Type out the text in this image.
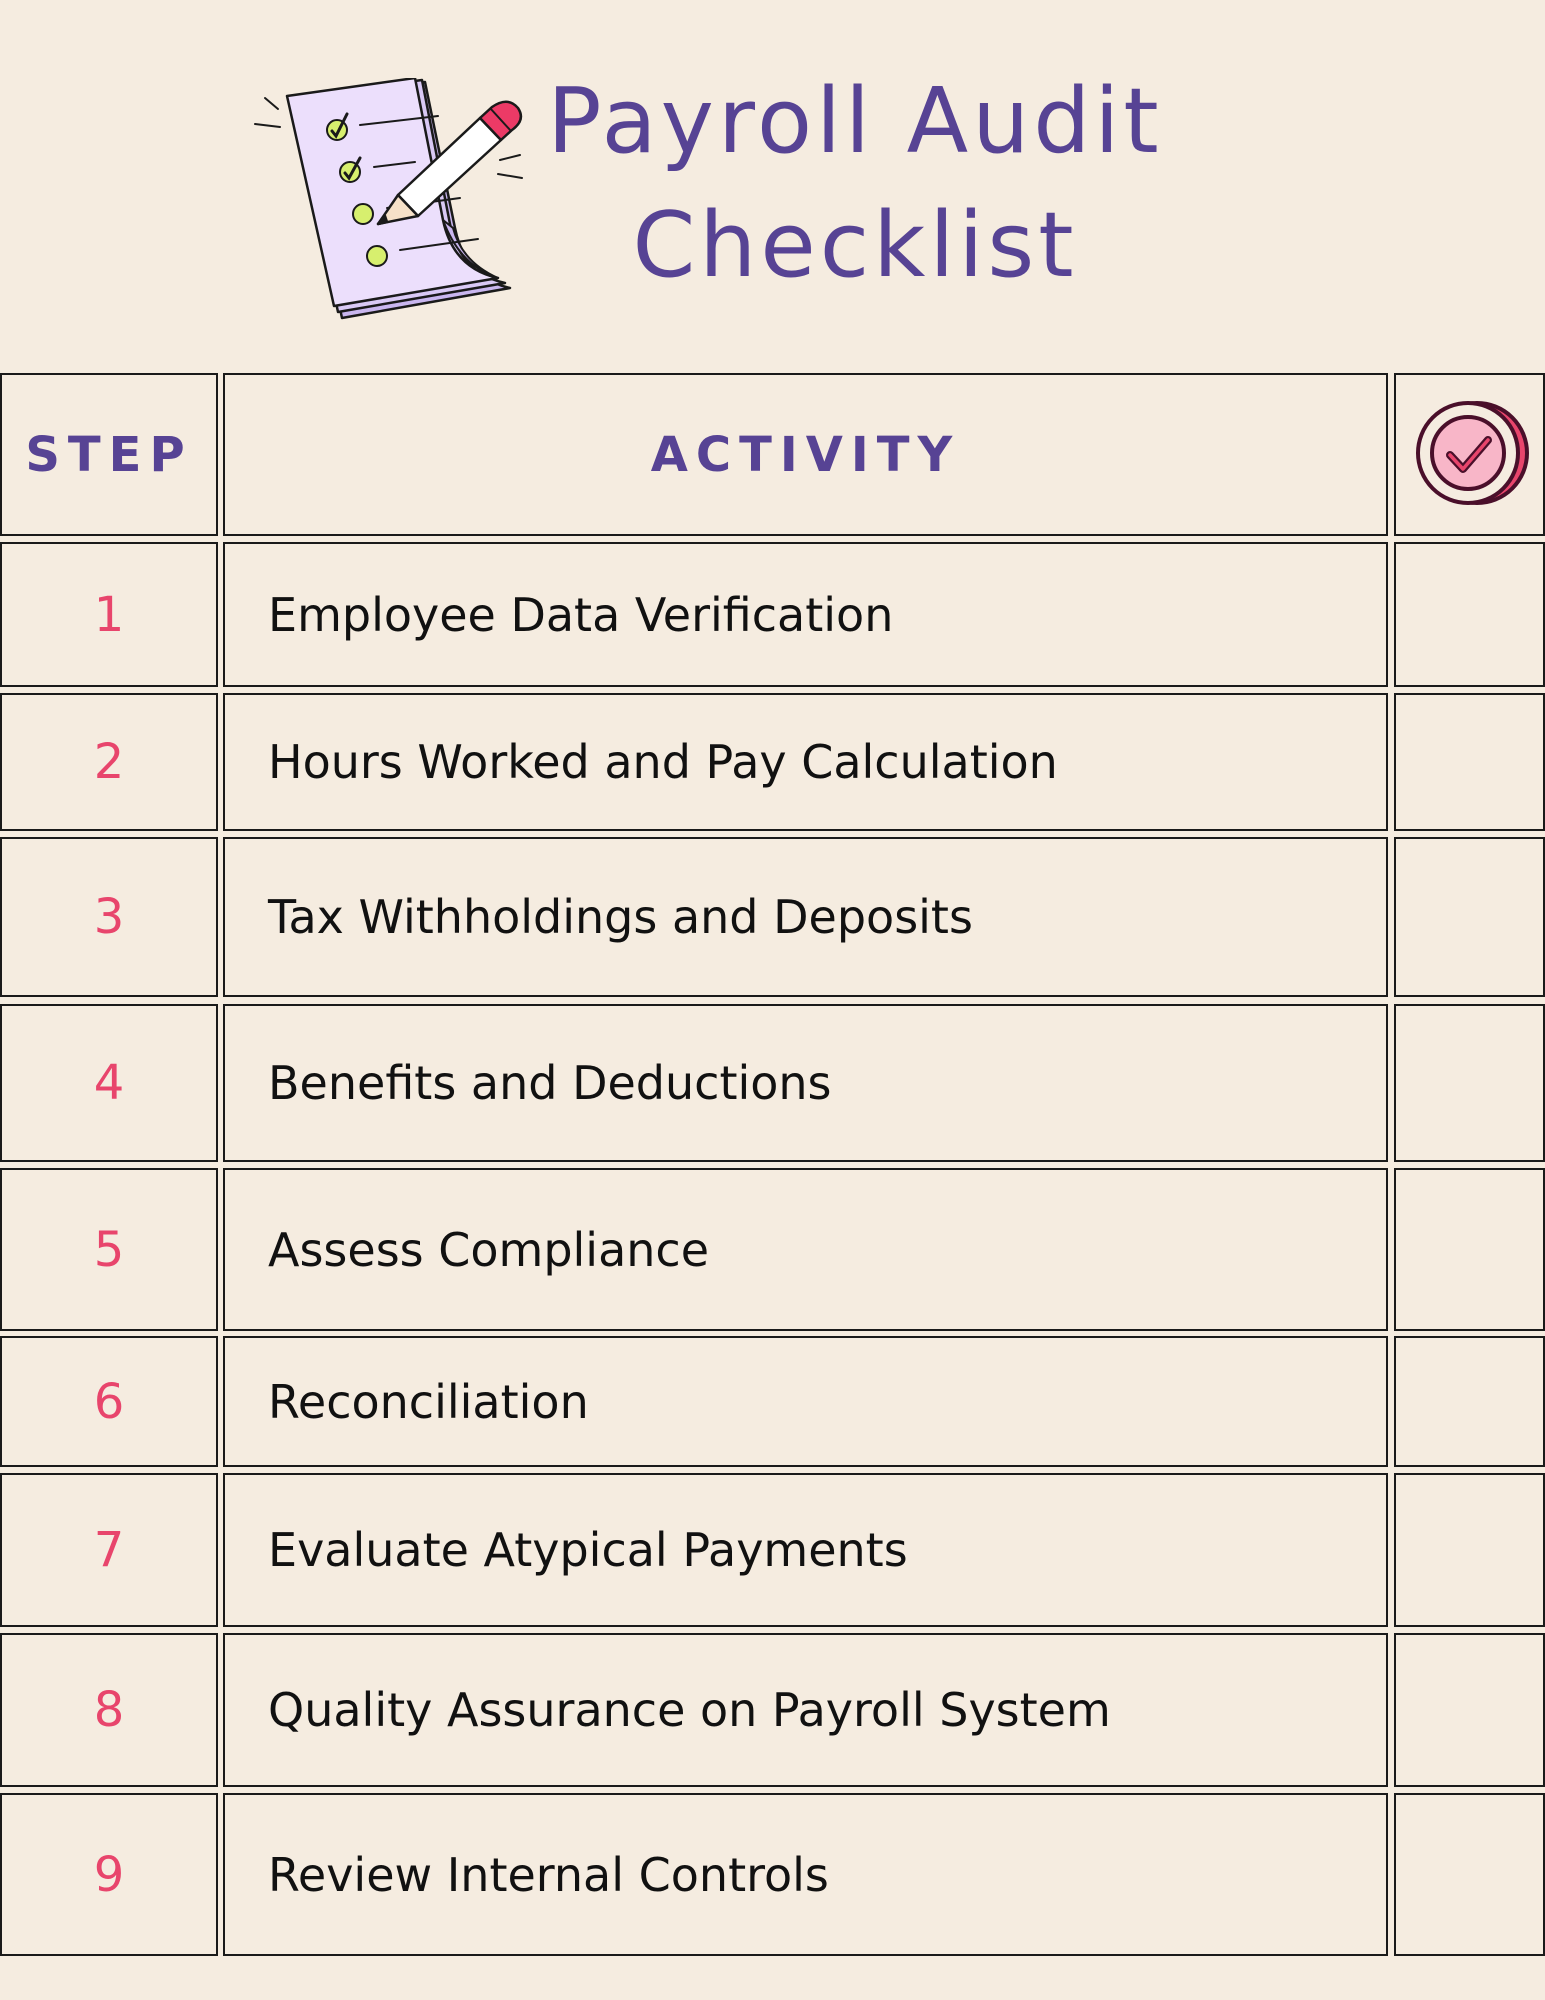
Payroll Audit
Checklist
STEP	ACTIVITY
1	Employee Data Verification
2	Hours Worked and Pay Calculation
3	Tax Withholdings and Deposits
4	Benefits and Deductions
5	Assess Compliance
6	Reconciliation
7	Evaluate Atypical Payments
8	Quality Assurance on Payroll System
9	Review Internal Controls
